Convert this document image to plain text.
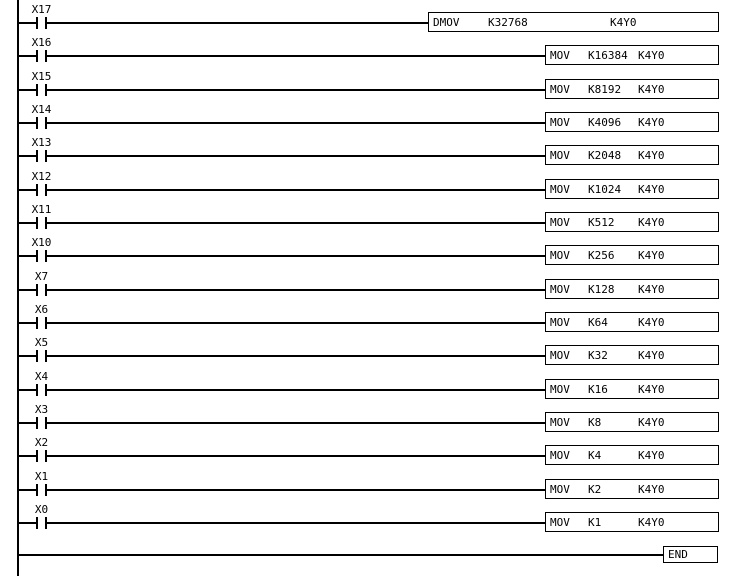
X17
DMOV	K32768	K4Y0
X16
MOV K16384 K4Y0
X15
MOV K8192 K4Y0
X14
MOV K4096 K4Y0
X13
MOV K2048 K4Y0
X12
MOV K1024 K4Y0
X11
MOV K512 K4Y0
X10
MOV K256 K4Y0
X7
MOV K128 K4Y0
X6
MOV K64	K4Y0
X5
MOV K32	K4Y0
X4
MOV K16	K4Y0
X3
MOV K8	K4Y0
X2
MOV K4	K4Y0
X1
MOV K2	K4Y0
X0
MOV K1	K4Y0
END
